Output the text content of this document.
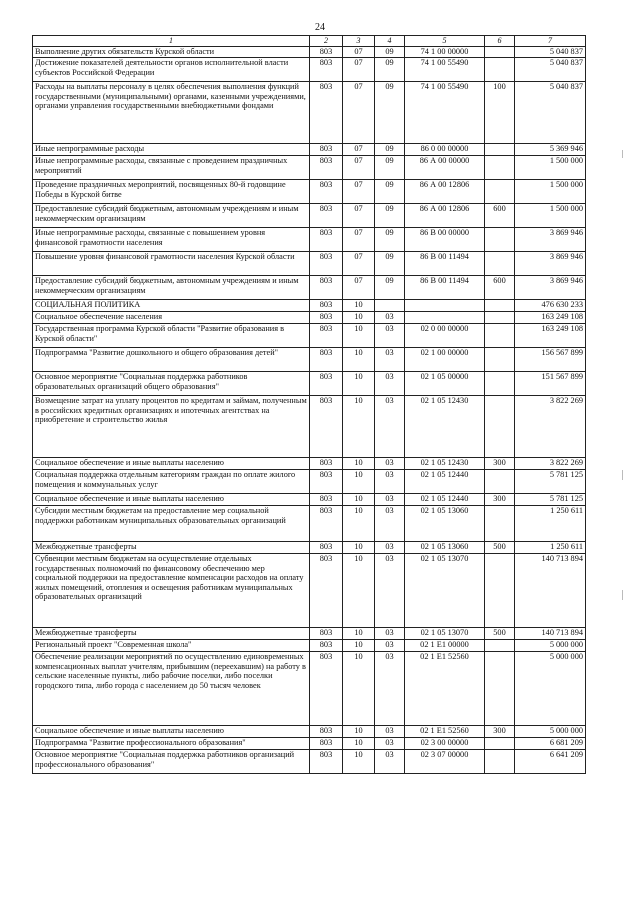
24
1	2	3	4	5	6	7
Выполнение других обязательств Курской области	803	07	09	74 1 00 00000		5 040 837
Достижение показателей деятельности органов исполнительной власти субъектов Российской Федерации	803	07	09	74 1 00 55490		5 040 837
Расходы на выплаты персоналу в целях обеспечения выполнения функций государственными (муниципальными) органами, казенными учреждениями, органами управления государственными внебюджетными фондами	803	07	09	74 1 00 55490	100	5 040 837
Иные непрограммные расходы	803	07	09	86 0 00 00000		5 369 946
Иные непрограммные расходы, связанные с проведением праздничных мероприятий	803	07	09	86 А 00 00000		1 500 000
Проведение праздничных мероприятий, посвященных 80-й годовщине Победы в Курской битве	803	07	09	86 А 00 12806		1 500 000
Предоставление субсидий бюджетным, автономным учреждениям и иным некоммерческим организациям	803	07	09	86 А 00 12806	600	1 500 000
Иные непрограммные расходы, связанные с повышением уровня финансовой грамотности населения	803	07	09	86 В 00 00000		3 869 946
Повышение уровня финансовой грамотности населения Курской области	803	07	09	86 В 00 11494		3 869 946
Предоставление субсидий бюджетным, автономным учреждениям и иным некоммерческим организациям	803	07	09	86 В 00 11494	600	3 869 946
СОЦИАЛЬНАЯ ПОЛИТИКА	803	10				476 630 233
Социальное обеспечение населения	803	10	03			163 249 108
Государственная программа Курской области "Развитие образования в Курской области"	803	10	03	02 0 00 00000		163 249 108
Подпрограмма "Развитие дошкольного и общего образования детей"	803	10	03	02 1 00 00000		156 567 899
Основное мероприятие "Социальная поддержка работников образовательных организаций общего образования"	803	10	03	02 1 05 00000		151 567 899
Возмещение затрат на уплату процентов по кредитам и займам, полученным в российских кредитных организациях и ипотечных агентствах на приобретение и строительство жилья	803	10	03	02 1 05 12430		3 822 269
Социальное обеспечение и иные выплаты населению	803	10	03	02 1 05 12430	300	3 822 269
Социальная поддержка отдельным категориям граждан по оплате жилого помещения и коммунальных услуг	803	10	03	02 1 05 12440		5 781 125
Социальное обеспечение и иные выплаты населению	803	10	03	02 1 05 12440	300	5 781 125
Субсидии местным бюджетам на предоставление мер социальной поддержки работникам муниципальных образовательных организаций	803	10	03	02 1 05 13060		1 250 611
Межбюджетные трансферты	803	10	03	02 1 05 13060	500	1 250 611
Субвенции местным бюджетам на осуществление отдельных государственных полномочий по финансовому обеспечению мер социальной поддержки на предоставление компенсации расходов на оплату жилых помещений, отопления и освещения работникам муниципальных образовательных организаций	803	10	03	02 1 05 13070		140 713 894
Межбюджетные трансферты	803	10	03	02 1 05 13070	500	140 713 894
Региональный проект "Современная школа"	803	10	03	02 1 Е1 00000		5 000 000
Обеспечение реализации мероприятий по осуществлению единовременных компенсационных выплат учителям, прибывшим (переехавшим) на работу в сельские населенные пункты, либо рабочие поселки, либо поселки городского типа, либо города с населением до 50 тысяч человек	803	10	03	02 1 Е1 52560		5 000 000
Социальное обеспечение и иные выплаты населению	803	10	03	02 1 Е1 52560	300	5 000 000
Подпрограмма "Развитие профессионального образования"	803	10	03	02 3 00 00000		6 681 209
Основное мероприятие "Социальная поддержка работников организаций профессионального образования"	803	10	03	02 3 07 00000		6 641 209
